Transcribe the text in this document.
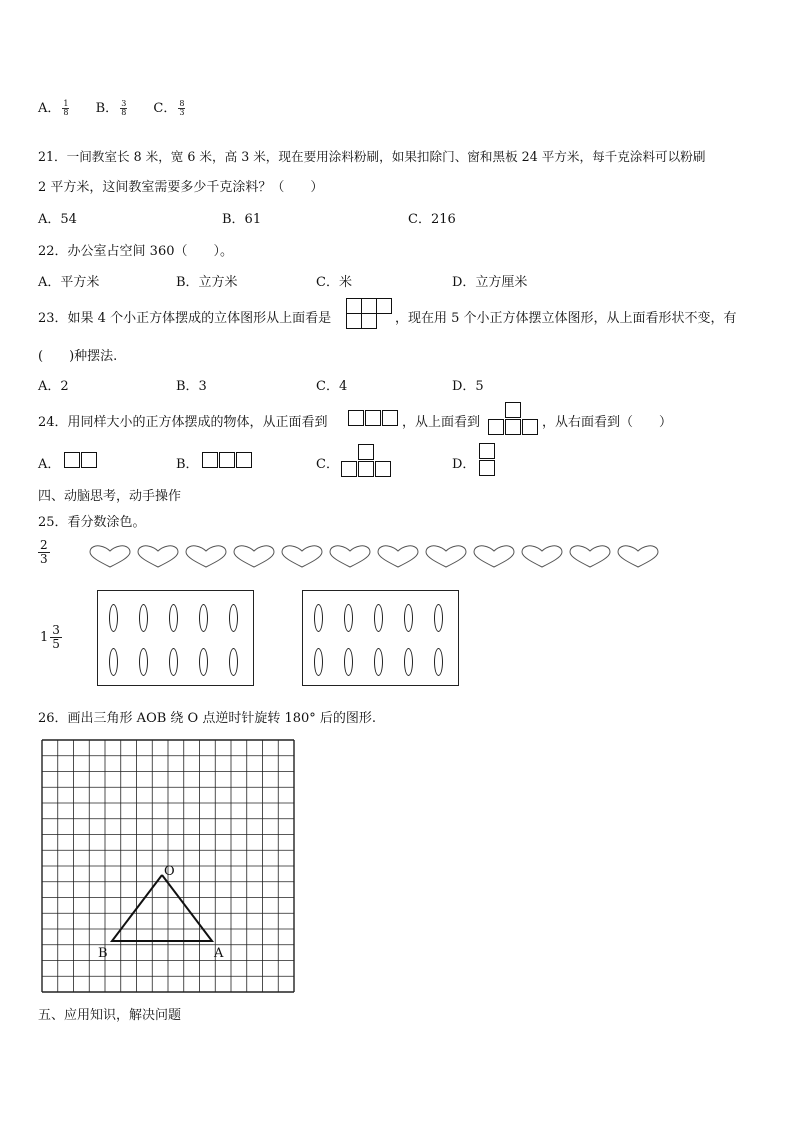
A． $\frac{1}{8}$ B． $\frac{3}{8}$ C． $\frac{8}{3}$
21．一间教室长 8 米，宽 6 米，高 3 米，现在要用涂料粉刷，如果扣除门、窗和黑板 24 平方米，每千克涂料可以粉刷
2 平方米，这间教室需要多少千克涂料？（　　）
A．54	B．61	C．216
22．办公室占空间 360（　　）。
A．平方米	B．立方米	C．米	D．立方厘米
23．如果 4 个小正方体摆成的立体图形从上面看是	，现在用 5 个小正方体摆立体图形，从上面看形状不变，有
(　　)种摆法.
A．2	B．3	C．4	D．5
24．用同样大小的正方体摆成的物体，从正面看到	，从上面看到	，从右面看到（　　）
A．	B．	C．	D．
四、动脑思考，动手操作
25．看分数涂色。
$\frac{2}{3}$
$1 \frac{3}{5}$
26．画出三角形 AOB 绕 O 点逆时针旋转 180° 后的图形.
O
B	A
五、应用知识，解决问题
